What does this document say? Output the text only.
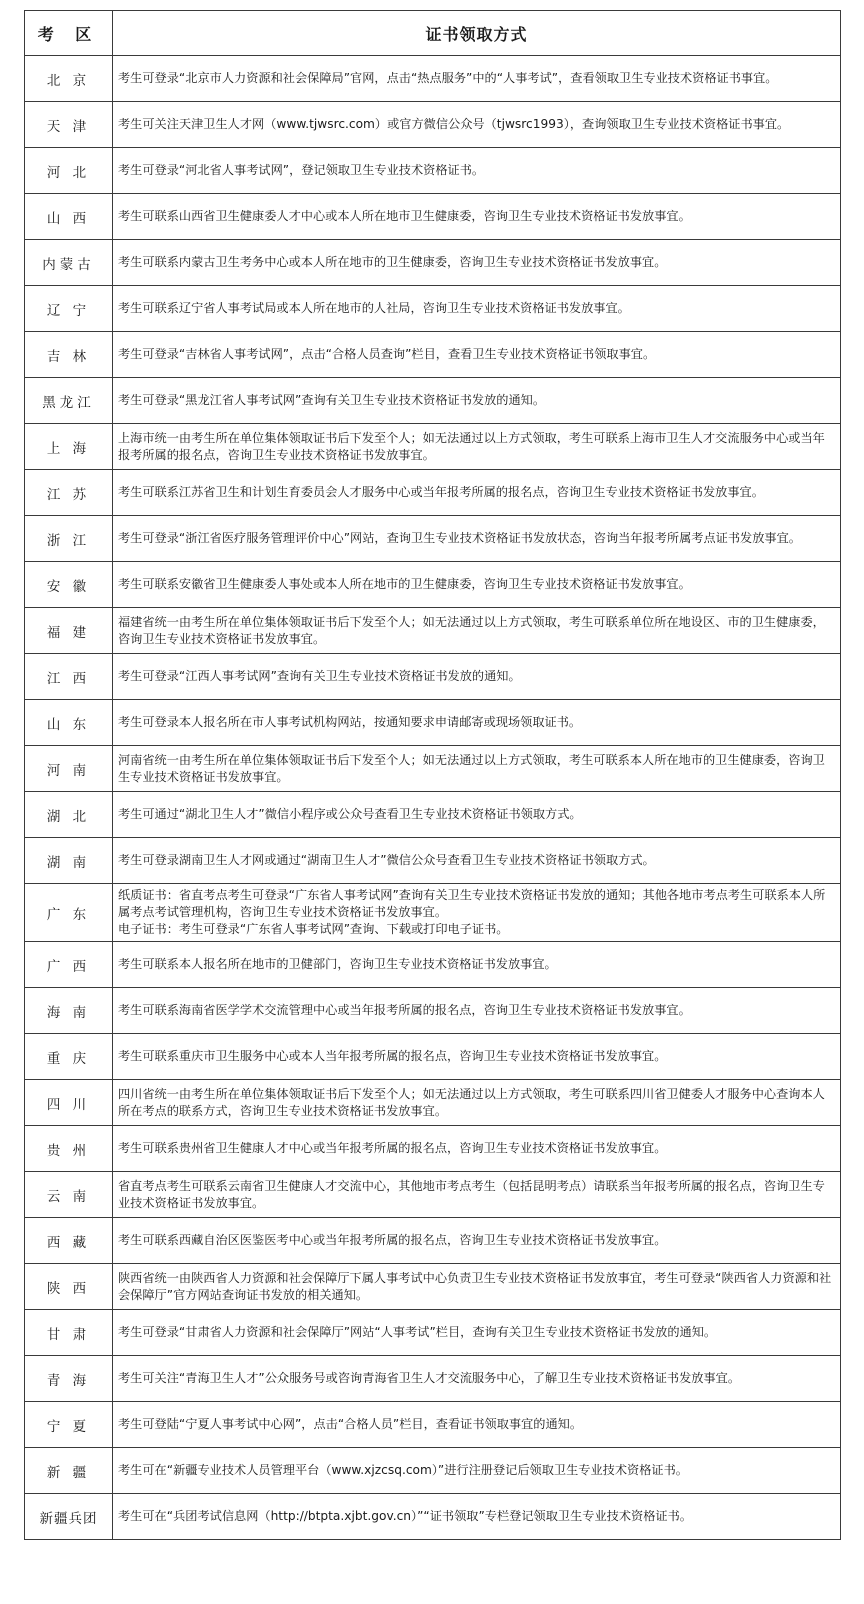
考 区	证书领取方式
北 京	考生可登录“北京市人力资源和社会保障局”官网，点击“热点服务”中的“人事考试”，查看领取卫生专业技术资格证书事宜。

天 津	考生可关注天津卫生人才网（www.tjwsrc.com）或官方微信公众号（tjwsrc1993），查询领取卫生专业技术资格证书事宜。

河 北	考生可登录“河北省人事考试网”，登记领取卫生专业技术资格证书。

山 西	考生可联系山西省卫生健康委人才中心或本人所在地市卫生健康委，咨询卫生专业技术资格证书发放事宜。

内蒙古	考生可联系内蒙古卫生考务中心或本人所在地市的卫生健康委，咨询卫生专业技术资格证书发放事宜。

辽 宁	考生可联系辽宁省人事考试局或本人所在地市的人社局，咨询卫生专业技术资格证书发放事宜。

吉 林	考生可登录“吉林省人事考试网”，点击“合格人员查询”栏目，查看卫生专业技术资格证书领取事宜。

黑龙江	考生可登录“黑龙江省人事考试网”查询有关卫生专业技术资格证书发放的通知。

上 海	上海市统一由考生所在单位集体领取证书后下发至个人；如无法通过以上方式领取，考生可联系上海市卫生人才交流服务中心或当年报考所属的报名点，咨询卫生专业技术资格证书发放事宜。

江 苏	考生可联系江苏省卫生和计划生育委员会人才服务中心或当年报考所属的报名点，咨询卫生专业技术资格证书发放事宜。

浙 江	考生可登录“浙江省医疗服务管理评价中心”网站，查询卫生专业技术资格证书发放状态，咨询当年报考所属考点证书发放事宜。

安 徽	考生可联系安徽省卫生健康委人事处或本人所在地市的卫生健康委，咨询卫生专业技术资格证书发放事宜。

福 建	福建省统一由考生所在单位集体领取证书后下发至个人；如无法通过以上方式领取，考生可联系单位所在地设区、市的卫生健康委，咨询卫生专业技术资格证书发放事宜。

江 西	考生可登录“江西人事考试网”查询有关卫生专业技术资格证书发放的通知。

山 东	考生可登录本人报名所在市人事考试机构网站，按通知要求申请邮寄或现场领取证书。

河 南	河南省统一由考生所在单位集体领取证书后下发至个人；如无法通过以上方式领取，考生可联系本人所在地市的卫生健康委，咨询卫生专业技术资格证书发放事宜。

湖 北	考生可通过“湖北卫生人才”微信小程序或公众号查看卫生专业技术资格证书领取方式。

湖 南	考生可登录湖南卫生人才网或通过“湖南卫生人才”微信公众号查看卫生专业技术资格证书领取方式。

广 东	纸质证书：省直考点考生可登录“广东省人事考试网”查询有关卫生专业技术资格证书发放的通知；其他各地市考点考生可联系本人所属考点考试管理机构，咨询卫生专业技术资格证书发放事宜。
电子证书：考生可登录“广东省人事考试网”查询、下载或打印电子证书。

广 西	考生可联系本人报名所在地市的卫健部门，咨询卫生专业技术资格证书发放事宜。

海 南	考生可联系海南省医学学术交流管理中心或当年报考所属的报名点，咨询卫生专业技术资格证书发放事宜。

重 庆	考生可联系重庆市卫生服务中心或本人当年报考所属的报名点，咨询卫生专业技术资格证书发放事宜。

四 川	四川省统一由考生所在单位集体领取证书后下发至个人；如无法通过以上方式领取，考生可联系四川省卫健委人才服务中心查询本人所在考点的联系方式，咨询卫生专业技术资格证书发放事宜。

贵 州	考生可联系贵州省卫生健康人才中心或当年报考所属的报名点，咨询卫生专业技术资格证书发放事宜。

云 南	省直考点考生可联系云南省卫生健康人才交流中心，其他地市考点考生（包括昆明考点）请联系当年报考所属的报名点，咨询卫生专业技术资格证书发放事宜。

西 藏	考生可联系西藏自治区医鉴医考中心或当年报考所属的报名点，咨询卫生专业技术资格证书发放事宜。

陕 西	陕西省统一由陕西省人力资源和社会保障厅下属人事考试中心负责卫生专业技术资格证书发放事宜，考生可登录“陕西省人力资源和社会保障厅”官方网站查询证书发放的相关通知。

甘 肃	考生可登录“甘肃省人力资源和社会保障厅”网站“人事考试”栏目，查询有关卫生专业技术资格证书发放的通知。

青 海	考生可关注“青海卫生人才”公众服务号或咨询青海省卫生人才交流服务中心，了解卫生专业技术资格证书发放事宜。

宁 夏	考生可登陆“宁夏人事考试中心网”，点击“合格人员”栏目，查看证书领取事宜的通知。

新 疆	考生可在“新疆专业技术人员管理平台（www.xjzcsq.com）”进行注册登记后领取卫生专业技术资格证书。

新疆兵团	考生可在“兵团考试信息网（http://btpta.xjbt.gov.cn）”“证书领取”专栏登记领取卫生专业技术资格证书。
